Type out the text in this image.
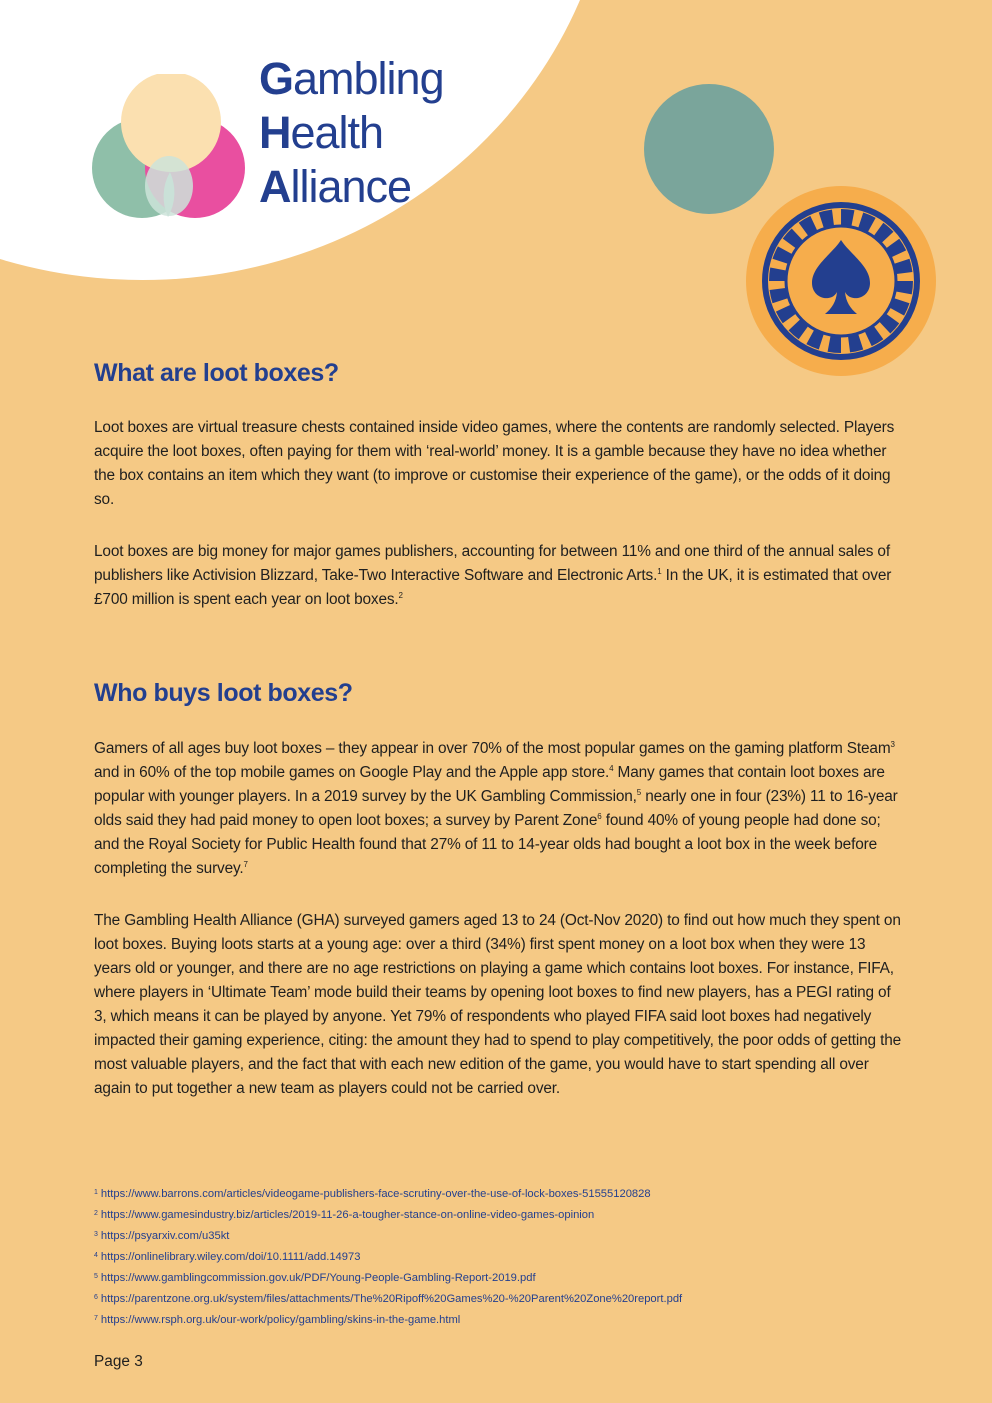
Gambling
Health
Alliance
What are loot boxes?

Loot boxes are virtual treasure chests contained inside video games, where the contents are randomly selected. Players acquire the loot boxes, often paying for them with ‘real-world’ money. It is a gamble because they have no idea whether the box contains an item which they want (to improve or customise their experience of the game), or the odds of it doing so.

Loot boxes are big money for major games publishers, accounting for between 11% and one third of the annual sales of publishers like Activision Blizzard, Take-Two Interactive Software and Electronic Arts.$^1$ In the UK, it is estimated that over £700 million is spent each year on loot boxes.$^2$

Who buys loot boxes?

Gamers of all ages buy loot boxes – they appear in over 70% of the most popular games on the gaming platform Steam$^3$ and in 60% of the top mobile games on Google Play and the Apple app store.$^4$ Many games that contain loot boxes are popular with younger players. In a 2019 survey by the UK Gambling Commission,$^5$ nearly one in four (23%) 11 to 16-year olds said they had paid money to open loot boxes; a survey by Parent Zone$^6$ found 40% of young people had done so; and the Royal Society for Public Health found that 27% of 11 to 14-year olds had bought a loot box in the week before completing the survey.$^7$

The Gambling Health Alliance (GHA) surveyed gamers aged 13 to 24 (Oct-Nov 2020) to find out how much they spent on loot boxes. Buying loots starts at a young age: over a third (34%) first spent money on a loot box when they were 13 years old or younger, and there are no age restrictions on playing a game which contains loot boxes. For instance, FIFA, where players in ‘Ultimate Team’ mode build their teams by opening loot boxes to find new players, has a PEGI rating of 3, which means it can be played by anyone. Yet 79% of respondents who played FIFA said loot boxes had negatively impacted their gaming experience, citing: the amount they had to spend to play competitively, the poor odds of getting the most valuable players, and the fact that with each new edition of the game, you would have to start spending all over again to put together a new team as players could not be carried over.

$^1$ https://www.barrons.com/articles/videogame-publishers-face-scrutiny-over-the-use-of-lock-boxes-51555120828
$^2$ https://www.gamesindustry.biz/articles/2019-11-26-a-tougher-stance-on-online-video-games-opinion
$^3$ https://psyarxiv.com/u35kt
$^4$ https://onlinelibrary.wiley.com/doi/10.1111/add.14973
$^5$ https://www.gamblingcommission.gov.uk/PDF/Young-People-Gambling-Report-2019.pdf
$^6$ https://parentzone.org.uk/system/files/attachments/The%20Ripoff%20Games%20-%20Parent%20Zone%20report.pdf
$^7$ https://www.rsph.org.uk/our-work/policy/gambling/skins-in-the-game.html
Page 3
